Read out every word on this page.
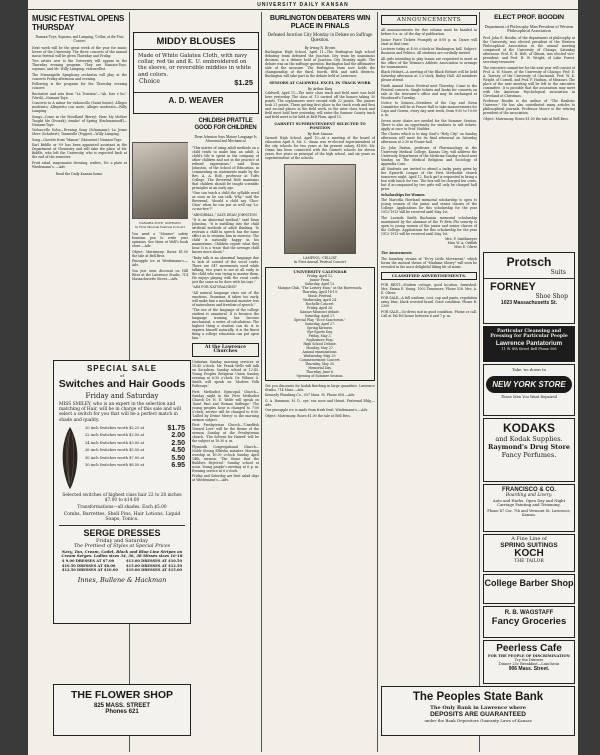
UNIVERSITY DAILY KANSAN
MUSIC FESTIVAL OPENS THURSDAY
Namara-Toye, Soprano, and Lamping, 'Cellist, at the First Concert

Next week will be the great week of the year for music lovers of the University. The three concerts of the annual music festival will be given Thursday and Friday.

Two artists new to the University will appear in the Thursday evening program. They are Namara-Toye, soprano, and Mr. Willy Lamping, violoncellist.

The Minneapolis Symphony orchestra will play at the concerts Friday afternoon and evening.

Following is the program for the Thursday evening concert:

Recitative and aria from "La Traviata"—"Ah, fors e lui." (Verdi)—Namara-Toye.

Concerto in A minor for violoncello (Saint-Saens): Allegro moderato; Allegretto con moto; Allegro moderato—Willy Lamping.

Songs—Come in the Woodland (Berry); Hear My Mother Taught Me (Dvorak); Awake! of Spring (Rachmaninoff)—Namara-Toye.

Violoncello Solos—Evening Song (Schumann); La Jeune Mere (Schubert); Tarantelle (Popper)—Willy Lamping.

Song—Gavotte from "Manon" (Massenet) Namara-Toye.

Earl Biddle or '09 has been appointed assistant in the Department of Chemistry and will take the place of Mr. Biddle, who left the University, who is expected back at the end of the semester.

Fruit salad, mayonnaise dressing, wafers, 10c a plate at Wiedemann's. —Adv.

Read the Daily Kansan home.
MIDDY BLOUSES
Made of White Galatea Cloth, with navy collar, red tie and K. U. embroidered on the sleeve, or reversible middies in white and colors.
Choice	$1.25
A. D. WEAVER
NAMARA-TOYE, SOPRANO
In First Musical Festival Concert

You need a "Monroe" safety fountain pen to write your opinions. See them at Wolf's book store.—Adv.

Object: Matrimony. Roses $1.00 the tale at Bell Bros.

Pineapple ice at Wiedemann's.—Adv.

You just seen discount on Hill Rites at the Lawrence Studio, 714 Massachusetts Street.—Adv.

CHILDISH PRATTLE GOOD FOR CHILDREN
Dean Johnston Says Mature Language Is Abnormal and Mechanical

"This matter of using adult methods on a child tends to make him an adult. A child's life is spent in the company of other children and not in the practice of refined expressions," said Dean Johnston, of the School of Education, in commenting on statements made by the Rev. A. A. Holt, professor at Tufts College. The Reverend Holt maintains that children should be taught scientific principles at an early age.

"One can teach a child the syllable word as soon as he can talk. Why," said the Reverend, "should a child say 'Choo-Choo' when he can just as well say 'Lo-co-mo-tive'?"

"ABNORMAL," SAYS DEAN JOHNSTON

"It is an abnormal method," said Dean Johnston, "it is instilling into the child artificial methods of adult thinking. To restrain a child in speech has the same effect as to restrain him in exercise. The child is naturally happy in his mannerisms. Children repeat what they hear. It is a 'train' that the average child knows more about."

"Baby talk is an abnormal language due to lack of control of the vocal cords. There are 347 movements used while talking; two years is not at all early to the child who was trying to master them. He enjoys playing with the vocal cords just the same as he does with his toys."

"AIM FOR NATURALNESS"

"All natural language rises out of the emotions. Grammar, if taken too early, will make him a mechanical monster less of naturalness and freedom of speech."

"The use of the language of the college student is unnatural. It is because the language training has become mechanical, a series of calculations. The highest thing a student can do is to express himself naturally; it is the finest thing a college education can put upon him."

At the Lawrence Churches

Unitarian Sunday morning services at 10:45 o'clock. Mr. Frank Wells will talk on Socialism. Sunday school at 12:45. Young Peoples Religious Union Sunday evening at 6:30 o'clock. Dr. Wilmer A. Smith will speak on 'Modern Folk Pathways.'

First Methodist Episcopal Church—Sunday night in the First Methodist Church Dr. H. E. Wolfe will speak on 'Saint Paul and Woman Suffrage.' The young peoples hour is changed to 7:00 o'clock, service will be changed to 8:00. 'Lulled by Divine Mercy' is the morning sermon subject.

First Presbyterian Church—'Unselfish Toward Love' will be the theme of the sermon Sunday at the Presbyterian church. 'The Solvent for Hatred' will be the subject at 10:30 a. m.

Plymouth Congregational Church—Noble Strong Ellsivlin minister. Morning worship at 10:30 o'clock Sunday April 14th, sermon, 'The Stone that the Builders Rejected.' Sunday school at noon. Young people's meeting at 6 p. m. Evening service at 8 o'clock.

Friday and Saturday are fruit salad days at Wiedemann's.—Adv.

SPECIAL SALE
of
Switches and Hair Goods
Friday and Saturday
MISS SMILEY, who is an expert in the selection and matching of Hair, will be in charge of this sale and will select a switch for you that will be a perfect match in shade and quality.
20 inch Switches worth $2.25 at	$1.75
22 inch Switches worth $2.50 at	2.00
24 inch Switches worth $3.00 at	2.50
26 inch Switches worth $5.50 at	4.50
30 inch Switches worth $7.00 at	5.50
30 inch Switches worth $8.50 at	6.95
Selected switches of highest class hair 22 to 28 inches $7.00 to $14.00
Transformations—all shades. Each $5.00
Combs, Barrettes, Shell Pins, Hair Lotions, Liquid Soaps, Tonics.
SERGE DRESSES
Friday and Saturday
The Prettiest of Styles at Special Prices
Navy, Tan, Cream, Cadet, Black and Blue Line Stripes on Cream Serges. Ladies sizes 34, 36, 38 Misses sizes 16-18
$ 9.00 DRESSES AT $7.00
$10.50 DRESSES AT $8.00
$12.50 DRESSES AT $10.00
$13.00 DRESSES AT $10.50
$15.00 DRESSES AT $12.50
$19.00 DRESSES AT $15.00
Innes, Bullene & Hackman
THE FLOWER SHOP
825 MASS. STREET
Phones 621
BURLINGTON DEBATERS WIN PLACE IN FINALS
Defeated Junction City Monday in Debate on Suffrage Question.
By Irving R. Brown

Burlington High School, April 11—The Burlington high school debating team defeated the Junction City team by unanimous decision, in a debate held at Junction City Monday night. The debate was on the suffrage question. Burlington had the affirmative side of the measure. The Burlington team now holds the championship of the third, fourth, fifth and sixth districts. Burlington will take part in the debate held at Lawrence.

SENIORS AT CALDWELL EXCEL IN TRACK WORK
By Arthur King

Caldwell, April 11—The inter class track and field meet was held here yesterday. The class of '13 carried off the honors taking 30 points. The sophomores were second with 22 points. The juniors took 21 points. These getting first place in the track work and first and second places in the field work, in the inter class track and field meet held here yesterday, will enter the Sumner County track and field meet to be held at Bell Plain, April 15.

GARNETT SUPERINTENDENT SELECTED TO POSITION
By Bert Simons

Garnett High School, April 10—At a meeting of the board of education April 8, Mr. C. Oman was re-elected superintendent of the city schools for two years at his present salary, $1800. Mr. Oman has been connected with the Garnett schools for eleven years, five years as principal of the high school, and six years as superintendent of the schools.

LAMPING, 'CELLIST
In First Annual Festival Concert
UNIVERSITY CALENDAR
Friday, April 12.
Junior Prom.
Saturday, April 13.
Masque Club, "The Lottery Man," at the Bowersock.
Thursday, April 18-19.
Music Festival.
Wednesday, April 24.
Rochelle Concert.
Friday, April 26.
Kansas-Missouri debate.
Saturday, April 27.
Special Play, "Ecce Sanctorum."
Saturday, April 27.
Spring Kirmess.
Eye-Sports Day.
Friday, May 3.
Sophomore Hop.
High School Debate.
Monday, May 27.
Annual examinations.
Wednesday, May 29.
Commencement Concert.
Thursday, May 30.
Memorial Day.
Thursday, June 6.
Opening of Summer Session.

Get you discounts for kodak finishing in large quantities. Lawrence Studio, 714 Mass.—Adv.

Kennedy Plumbing Co., 937 Mass. St. Phone 658.—Adv.

G. A. Hamman, M. D., eye, ear, nose and throat. Fraternal Bldg.—Adv.

Our pineapple ice is made from fresh fruit. Wiedemann's.—Adv.

Object: Matrimony. Roses $1.00 the tale at Bell Bros.

ANNOUNCEMENTS

All announcements for this column must be handed in before 8 a. m. of the day of publication.

Junior Farce Tickets Promptly at 8:00 p. m. Dance will start at that time.

Lectures today at 4:00 o'clock in Washington hall. Subject: Business and Politics. All students are cordially invited.

All girls intending to play tennis are requested to meet at the office of the Woman's Athletic Association to arrange for tournaments.

Black Helmet—A meeting of the Black Helmet will be held Saturday afternoon at 3 o'clock, Bailey Hall. All members please attend.

Ninth Annual Music Festival next Thursday. Come to the Festival concerts. Single tickets and books for concerts on sale at the treasurer's office and may be exchanged at Woodward's Tuesday.

Notice to Seniors—Members of the Cap and Gown Committee will be at Fraser Hall to take measurements for Caps and Gowns, every day next week, from 9:00 to 10:00 a. m.

Seven more chairs are needed for the Summer Session. There is also an opportunity for students to sell tickets. Apply at once to Prof. Hodder.

The Chorus which is to sing Gaul's "Holy City" on Sunday afternoon will meet for its final rehearsal on Saturday afternoon at 2:30 in Fraser hall.

Dr. John Paxton, professor of Pharmacology at the University Medical College, Kansas City, will address the University Department of the Medicine Sunday school next Sunday on The Medical Religious and Sociology of Appendix Cure.

All Students are invited to attend a tacky party given by the Epworth League of the First Methodist church tomorrow night, April 12. Each girl is requested to bring a box with lunch for two. The box will be charged ten cents, but if accompanied by two girls will only be charged half price.

Scholarships for Women

The Marcella Howland memorial scholarship is open to young women of the junior and senior classes of the College. Applications for this scholarship for the year 1912-1913 will be received until May 1st.

The Lucinda Smith Buchanan memorial scholarship maintained by the alumnae of the Pi Beta Phi sorority is open to young women of the junior and senior classes of the College. Applications for this scholarship for the year 1912-1913 will be received until May 1st.

Mrs. F. Smithmeyer
Miss W. A. Griffith
Miss E. Oliver

The Amusements

The haunting strains of "Ev'ry Little Movement," which forms the musical theme of "Madame Sherry" will soon be revealed in the most delightful lilting bit of music.

CLASSIFIED ADVERTISEMENTS.

FOR RENT—Modern cottage, good location, furnished. Mrs. Emma E. Young, 1002 Tennessee, Phone 528. Mrs. A. E. Oliver.

FOR SALE—A full uniform, cost, cap and pants, regulation army blue, black worsted braid. Good condition. Phone B. 2390.

FOR SALE—Go-dress suit in good condition. Phone or call. Call at Pal Pol house between 6 and 7 p. m.

ELECT PROF. BOODIN
Department of Philosophy Man President of Western Philosophical Association

Prof. John E. Boodin, of the department of philosophy at the University, was elected president of the Western Philosophical Association at the annual meeting comprised of the University of Chicago, Saturday afternoon. Prof. E. B. Holt, of Illinois, was elected vice-president, and Prof. H. W. Wright, of Lake Forest, secretary-treasurer.

The executive committee for the next year will consist of Prof. A. W. Moore, of the University of Chicago, Prof. E. A. Tawney, of the University of Cincinnati, Prof. W. K. Wright, of Cornell, and Prof. F. Hudson, of Missouri. The place of the next meeting will be left to the executive committee. It is possible that the association may meet with the American Psychological association in Cleveland at Christmas.

Professor Boodin is the author of "The Realistic Universe." He has also contributed many articles to philosophical journals. Professor Moore is the retiring president of the association.

Object: Matrimony. Roses $1.00 the tale at Bell Bros.

Protsch
Suits
FORNEY
Shoe Shop
1023 Massachusetts St.
Particular Cleansing and
Pressing for Particular People
Lawrence Pantatorium
11 W. 8th Street Bell Phone 506
Take 'us down to
NEW YORK STORE
Those Men You Want Repaired
KODAKS
and Kodak Supplies.
Raymond's Drug Store
Fancy Perfumes.
FRANCISCO & CO.
Boarding and Livery.
Auto and Hacks. Open Day and Night Carriage Painting and Trimming.
Phone 47 Cor. 7th and Vermont St. Lawrence, Kansas.
A Fine Line of
SPRING SUITINGS
KOCH
THE TAILOR
College Barber Shop
R. B. WAGSTAFF
Fancy Groceries
Peerless Cafe
FOR THE PEOPLE OF DISCRIMINATION
Try the Dinners
Dinner 25c Breakfast—Luncheon
906 Mass. Street.
The Peoples State Bank
The Only Bank in Lawrence where
DEPOSITS ARE GUARANTEED
under the Bank Depositors Guaranty Laws of Kansas
